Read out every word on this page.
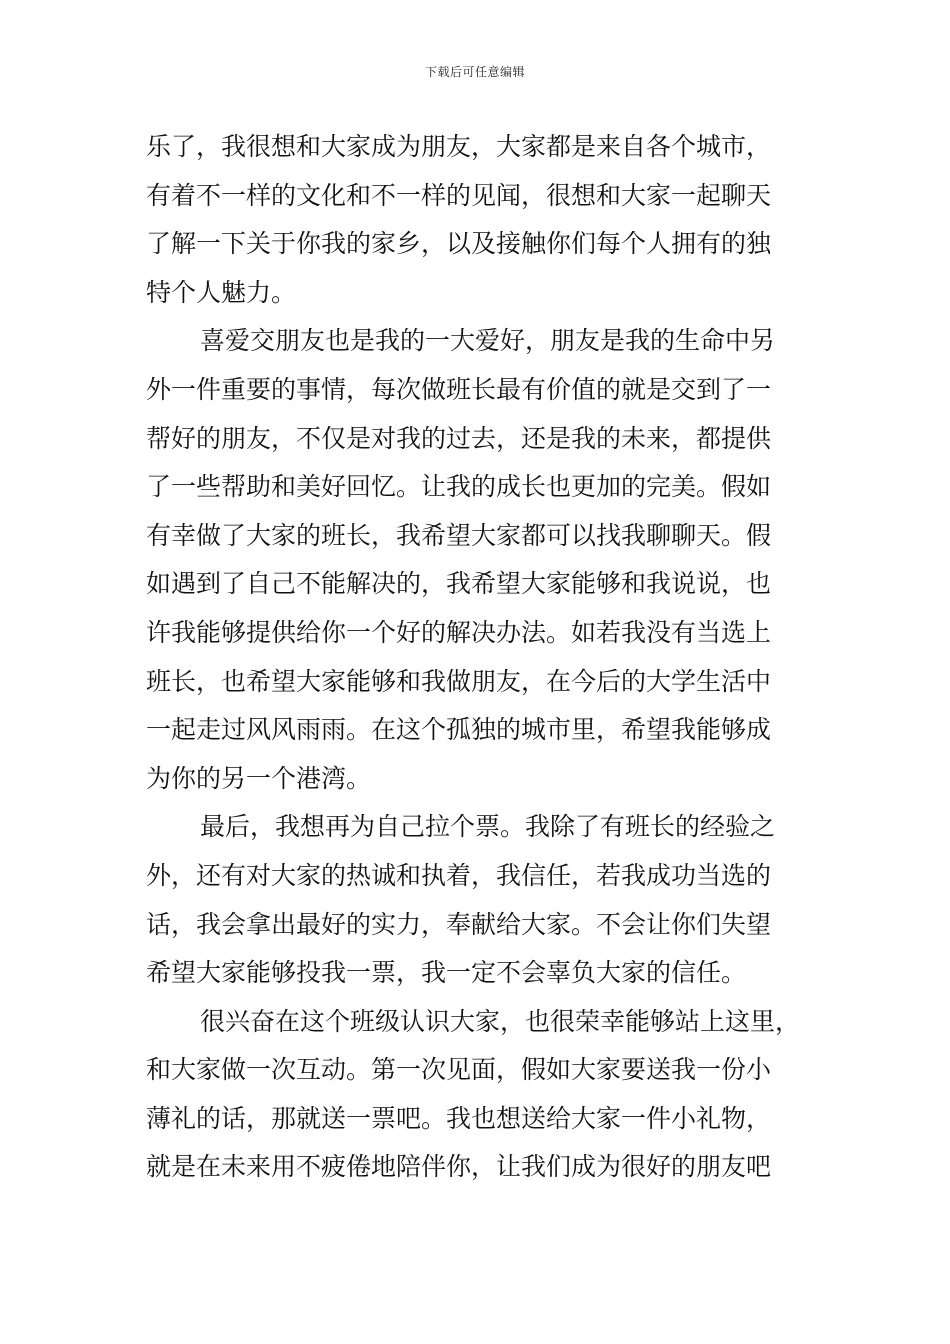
下载后可任意编辑
乐了，我很想和大家成为朋友，大家都是来自各个城市，
有着不一样的文化和不一样的见闻，很想和大家一起聊天
了解一下关于你我的家乡，以及接触你们每个人拥有的独
特个人魅力。
喜爱交朋友也是我的一大爱好，朋友是我的生命中另
外一件重要的事情，每次做班长最有价值的就是交到了一
帮好的朋友，不仅是对我的过去，还是我的未来，都提供
了一些帮助和美好回忆。让我的成长也更加的完美。假如
有幸做了大家的班长，我希望大家都可以找我聊聊天。假
如遇到了自己不能解决的，我希望大家能够和我说说，也
许我能够提供给你一个好的解决办法。如若我没有当选上
班长，也希望大家能够和我做朋友，在今后的大学生活中
一起走过风风雨雨。在这个孤独的城市里，希望我能够成
为你的另一个港湾。
最后，我想再为自己拉个票。我除了有班长的经验之
外，还有对大家的热诚和执着，我信任，若我成功当选的
话，我会拿出最好的实力，奉献给大家。不会让你们失望
希望大家能够投我一票，我一定不会辜负大家的信任。
很兴奋在这个班级认识大家，也很荣幸能够站上这里，
和大家做一次互动。第一次见面，假如大家要送我一份小
薄礼的话，那就送一票吧。我也想送给大家一件小礼物，
就是在未来用不疲倦地陪伴你，让我们成为很好的朋友吧
